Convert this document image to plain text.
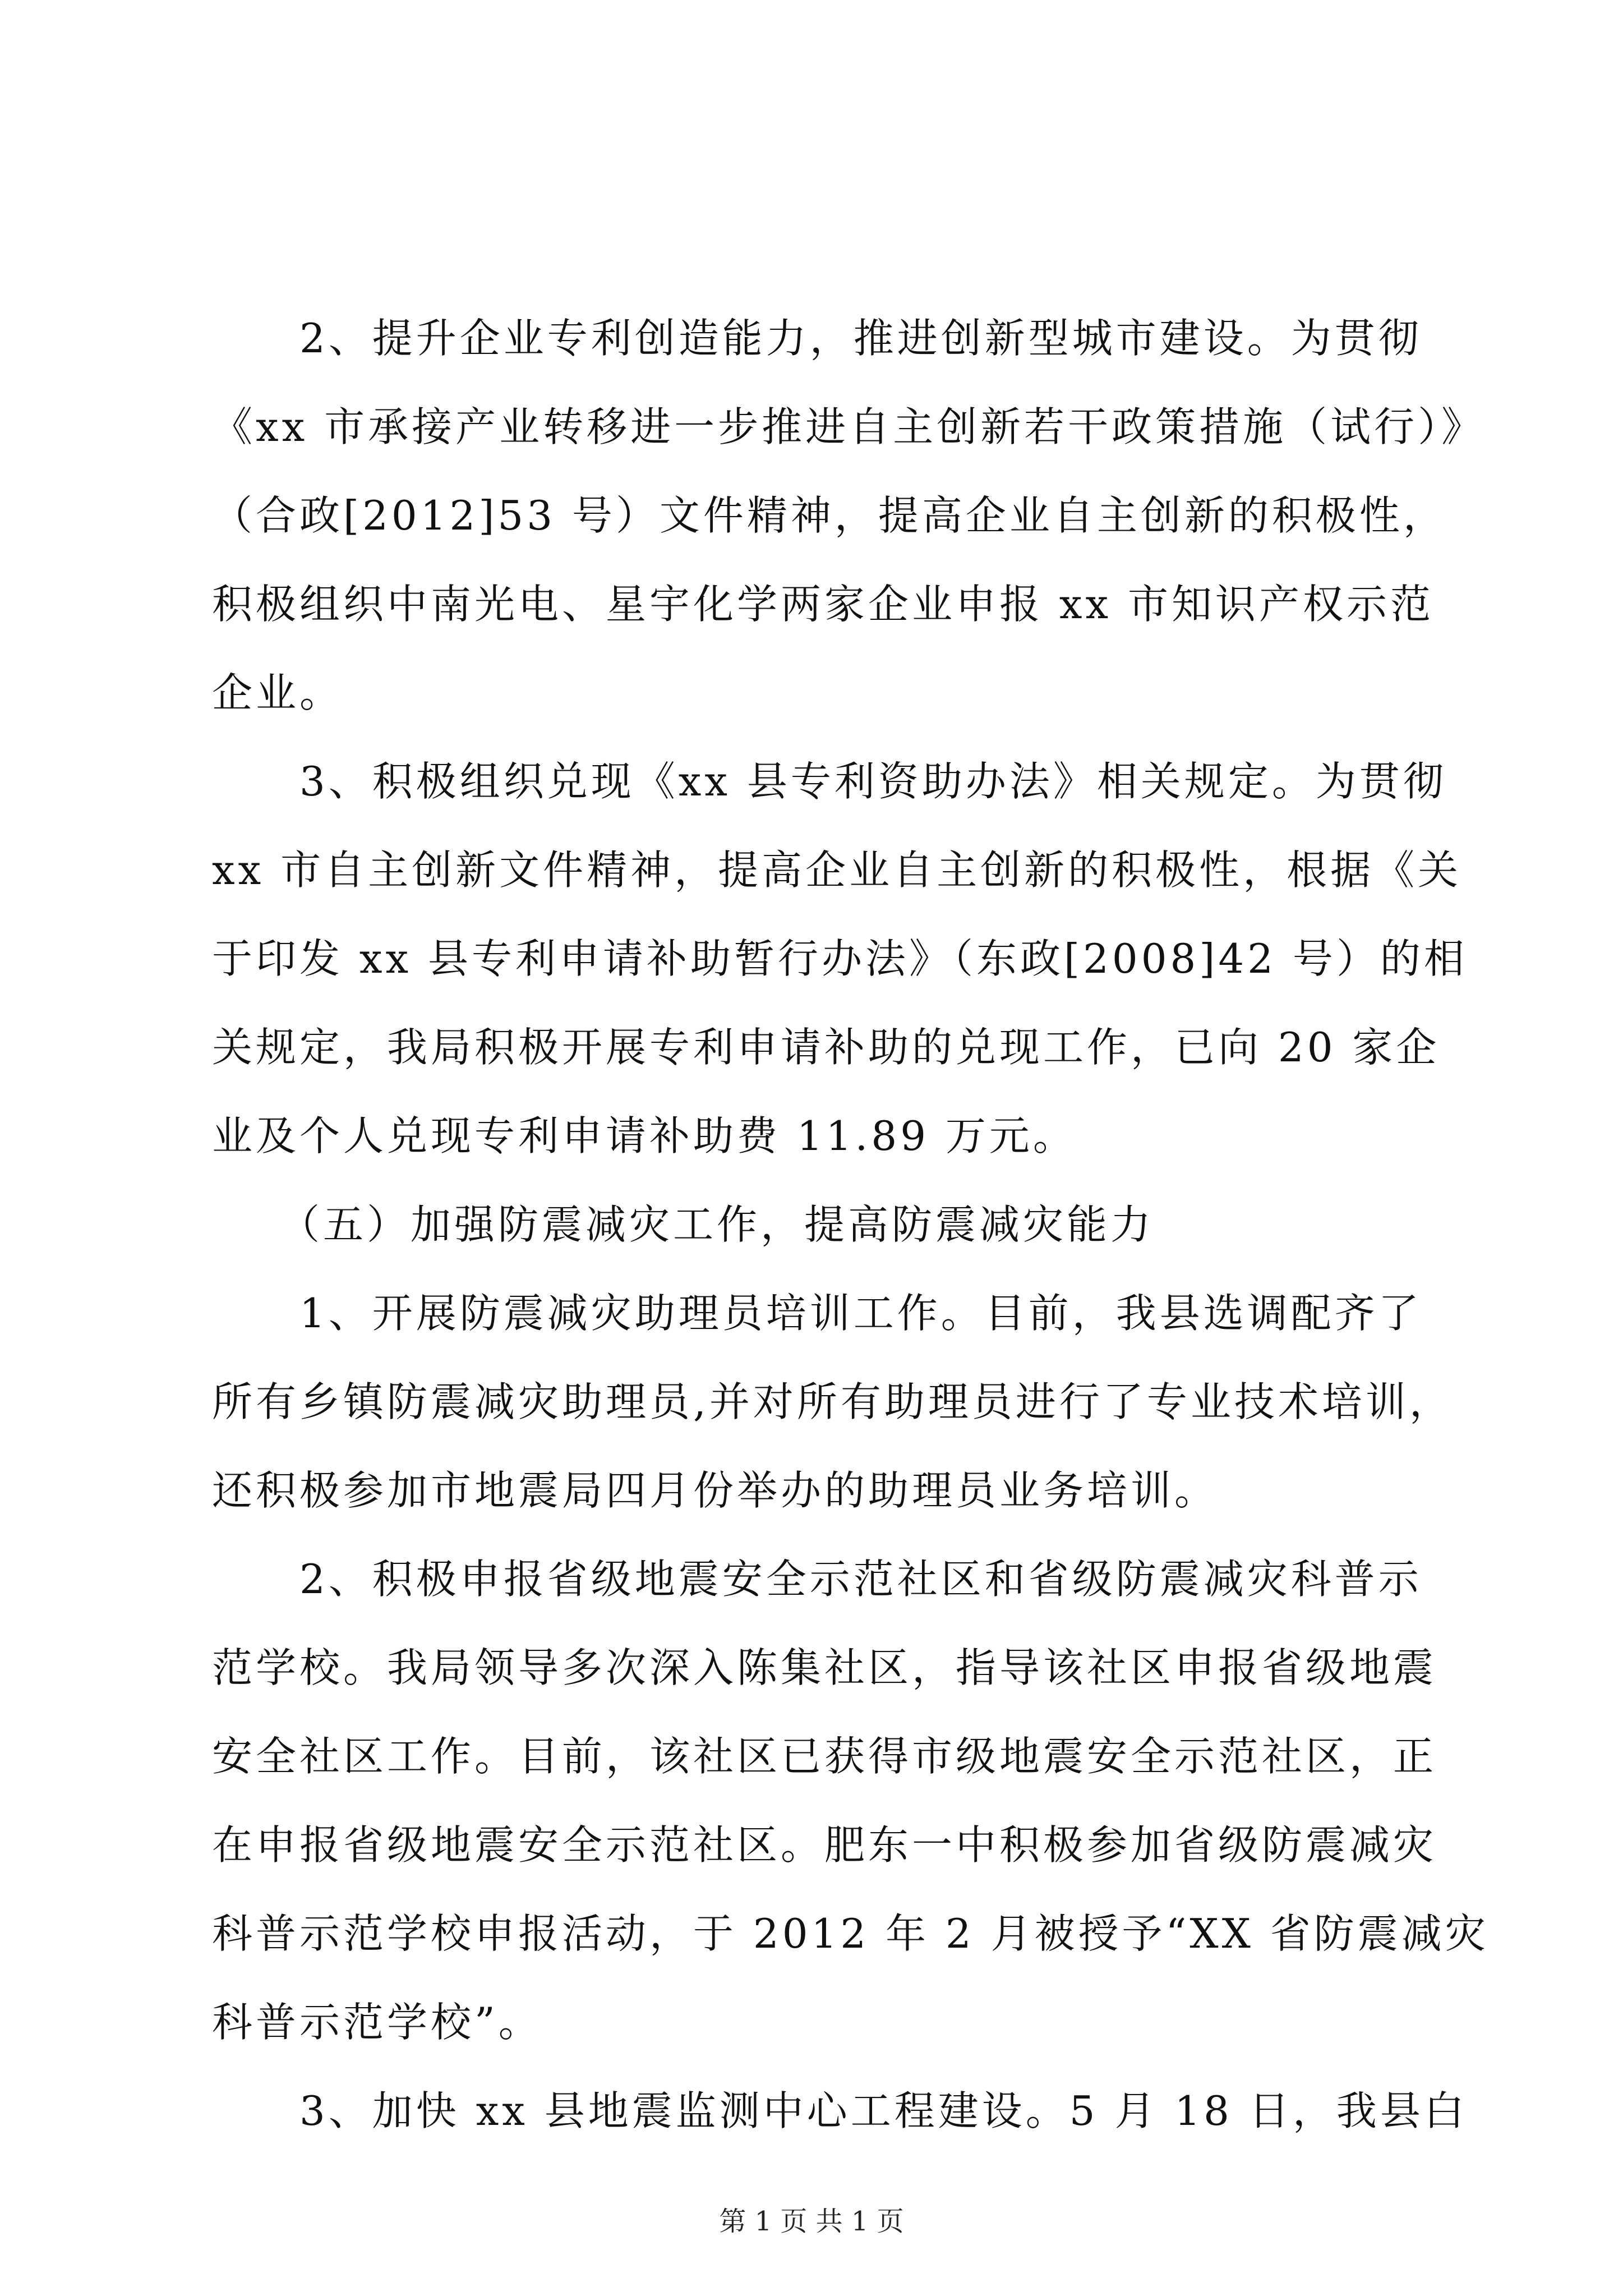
　　2、提升企业专利创造能力，推进创新型城市建设。为贯彻
《xx 市承接产业转移进一步推进自主创新若干政策措施（试行）》
（合政[2012]53 号）文件精神，提高企业自主创新的积极性，
积极组织中南光电、星宇化学两家企业申报 xx 市知识产权示范
企业。
　　3、积极组织兑现《xx 县专利资助办法》相关规定。为贯彻
xx 市自主创新文件精神，提高企业自主创新的积极性，根据《关
于印发 xx 县专利申请补助暂行办法》（东政[2008]42 号）的相
关规定，我局积极开展专利申请补助的兑现工作，已向 20 家企
业及个人兑现专利申请补助费 11.89 万元。
　　（五）加强防震减灾工作，提高防震减灾能力
　　1、开展防震减灾助理员培训工作。目前，我县选调配齐了
所有乡镇防震减灾助理员,并对所有助理员进行了专业技术培训，
还积极参加市地震局四月份举办的助理员业务培训。
　　2、积极申报省级地震安全示范社区和省级防震减灾科普示
范学校。我局领导多次深入陈集社区，指导该社区申报省级地震
安全社区工作。目前，该社区已获得市级地震安全示范社区，正
在申报省级地震安全示范社区。肥东一中积极参加省级防震减灾
科普示范学校申报活动，于 2012 年 2 月被授予“XX 省防震减灾
科普示范学校”。
　　3、加快 xx 县地震监测中心工程建设。5 月 18 日，我县白
第 1 页 共 1 页
